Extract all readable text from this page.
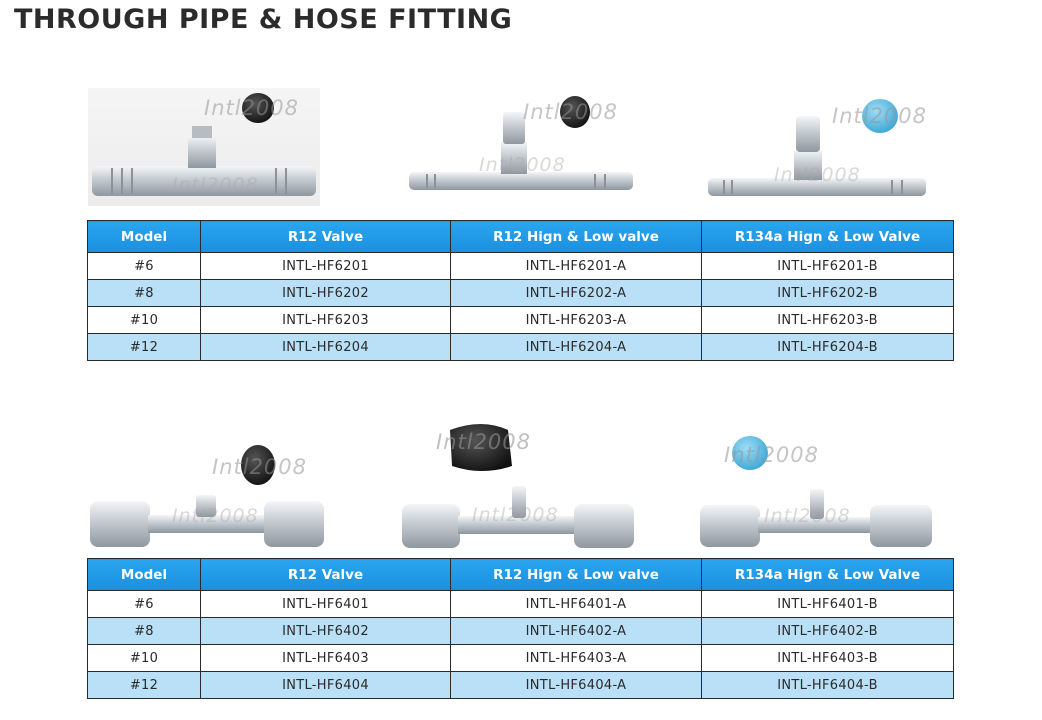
THROUGH PIPE & HOSE FITTING
Intl2008
Intl2008
Intl2008
Intl2008
Intl2008
Intl2008
Model	R12 Valve	R12 Hign & Low valve	R134a Hign & Low Valve
#6	INTL-HF6201	INTL-HF6201-A	INTL-HF6201-B
#8	INTL-HF6202	INTL-HF6202-A	INTL-HF6202-B
#10	INTL-HF6203	INTL-HF6203-A	INTL-HF6203-B
#12	INTL-HF6204	INTL-HF6204-A	INTL-HF6204-B
Intl2008
Intl2008
Intl2008
Intl2008
Intl2008
Intl2008
Model	R12 Valve	R12 Hign & Low valve	R134a Hign & Low Valve
#6	INTL-HF6401	INTL-HF6401-A	INTL-HF6401-B
#8	INTL-HF6402	INTL-HF6402-A	INTL-HF6402-B
#10	INTL-HF6403	INTL-HF6403-A	INTL-HF6403-B
#12	INTL-HF6404	INTL-HF6404-A	INTL-HF6404-B
